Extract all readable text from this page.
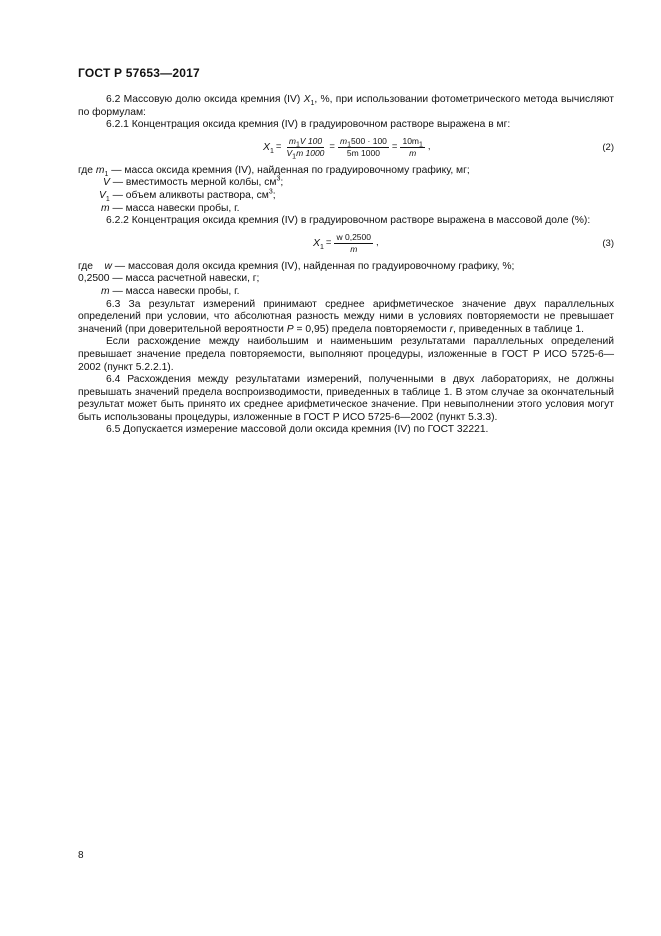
ГОСТ Р 57653—2017

6.2 Массовую долю оксида кремния (IV) $X_1$, %, при использовании фотометрического метода вычисляют по формулам:

6.2.1 Концентрация оксида кремния (IV) в градуировочном растворе выражена в мг:

$X_1 = \frac{m_1V 100}{V_1m 1000} = \frac{m_1500 \cdot 100}{5m 1000} = \frac{10m_1}{m}$ ,	(2)

где $m_1$ — масса оксида кремния (IV), найденная по градуировочному графику, мг;

V — вместимость мерной колбы, $см^3$;

$V_1$ — объем аликвоты раствора, $см^3$;

m — масса навески пробы, г.

6.2.2 Концентрация оксида кремния (IV) в градуировочном растворе выражена в массовой доле (%):

$X_1 = \frac{w 0,2500}{m}$ ,	(3)

где    w — массовая доля оксида кремния (IV), найденная по градуировочному графику, %;

0,2500 — масса расчетной навески, г;

m — масса навески пробы, г.

6.3 За результат измерений принимают среднее арифметическое значение двух параллельных определений при условии, что абсолютная разность между ними в условиях повторяемости не превышает значений (при доверительной вероятности P = 0,95) предела повторяемости r, приведенных в таблице 1.

Если расхождение между наибольшим и наименьшим результатами параллельных определений превышает значение предела повторяемости, выполняют процедуры, изложенные в ГОСТ Р ИСО 5725-6—2002 (пункт 5.2.2.1).

6.4 Расхождения между результатами измерений, полученными в двух лабораториях, не должны превышать значений предела воспроизводимости, приведенных в таблице 1. В этом случае за окончательный результат может быть принято их среднее арифметическое значение. При невыполнении этого условия могут быть использованы процедуры, изложенные в ГОСТ Р ИСО 5725-6—2002 (пункт 5.3.3).

6.5 Допускается измерение массовой доли оксида кремния (IV) по ГОСТ 32221.

8
